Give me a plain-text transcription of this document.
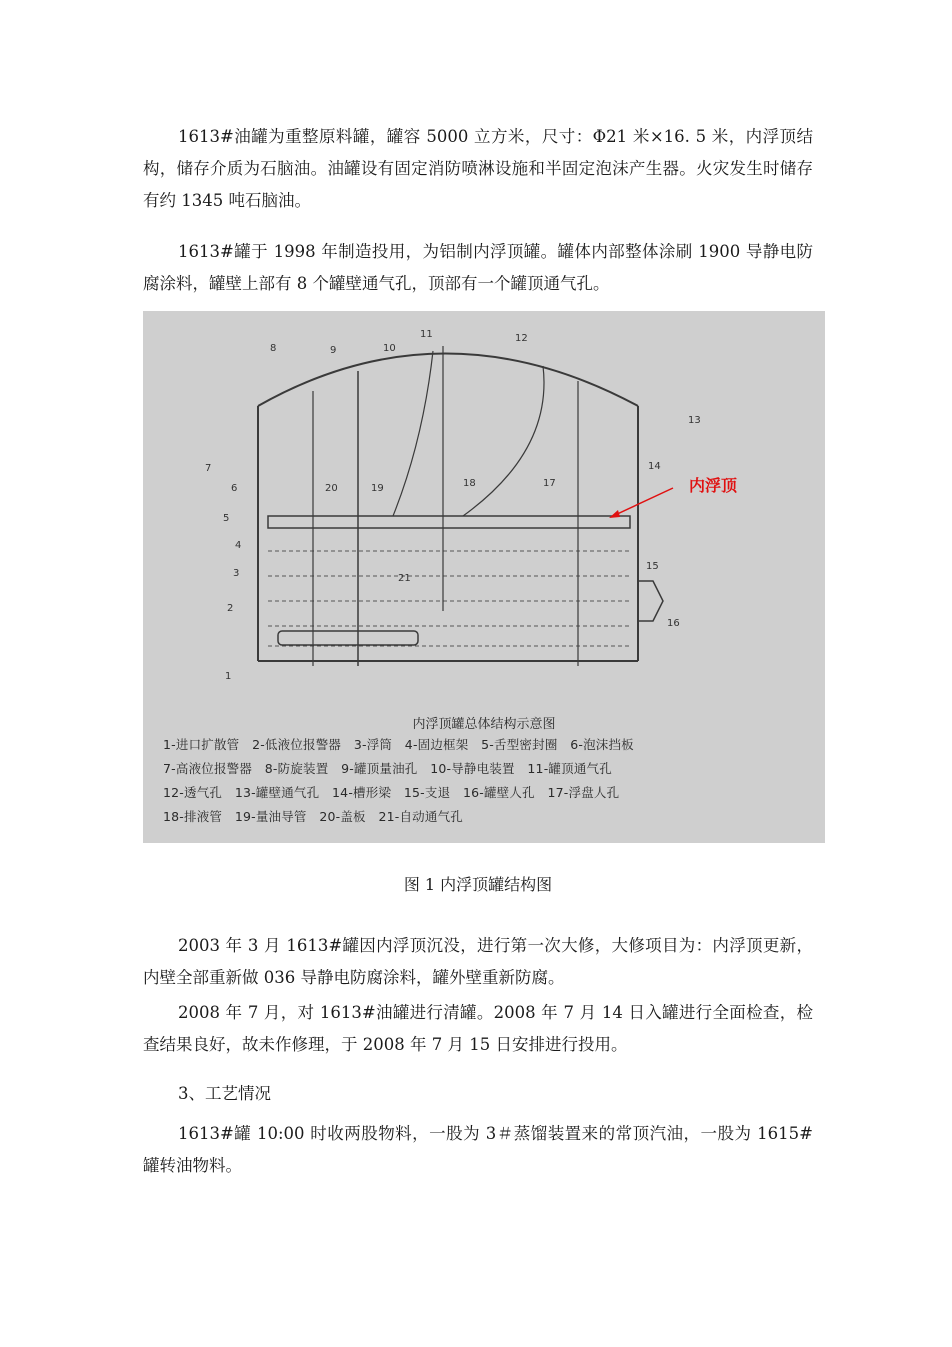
1613#油罐为重整原料罐，罐容 5000 立方米，尺寸：Φ21 米×16. 5 米，内浮顶结构，储存介质为石脑油。油罐设有固定消防喷淋设施和半固定泡沫产生器。火灾发生时储存有约 1345 吨石脑油。

1613#罐于 1998 年制造投用，为铝制内浮顶罐。罐体内部整体涂刷 1900 导静电防腐涂料，罐壁上部有 8 个罐壁通气孔，顶部有一个罐顶通气孔。

8	9	10
11	12
13
14
15
16
17
18
19
20
21
7
6
5
4
3
2
1
内浮顶
内浮顶罐总体结构示意图
1-进口扩散管　2-低液位报警器　3-浮筒　4-固边框架　5-舌型密封圈　6-泡沫挡板
7-高液位报警器　8-防旋装置　9-罐顶量油孔　10-导静电装置　11-罐顶通气孔
12-透气孔　13-罐壁通气孔　14-槽形梁　15-支退　16-罐壁人孔　17-浮盘人孔
18-排液管　19-量油导管　20-盖板　21-自动通气孔
图 1 内浮顶罐结构图

2003 年 3 月 1613#罐因内浮顶沉没，进行第一次大修，大修项目为：内浮顶更新，内壁全部重新做 036 导静电防腐涂料，罐外壁重新防腐。

2008 年 7 月，对 1613#油罐进行清罐。2008 年 7 月 14 日入罐进行全面检查，检查结果良好，故未作修理，于 2008 年 7 月 15 日安排进行投用。

3、工艺情况

1613#罐 10:00 时收两股物料，一股为 3＃蒸馏装置来的常顶汽油，一股为 1615#罐转油物料。
